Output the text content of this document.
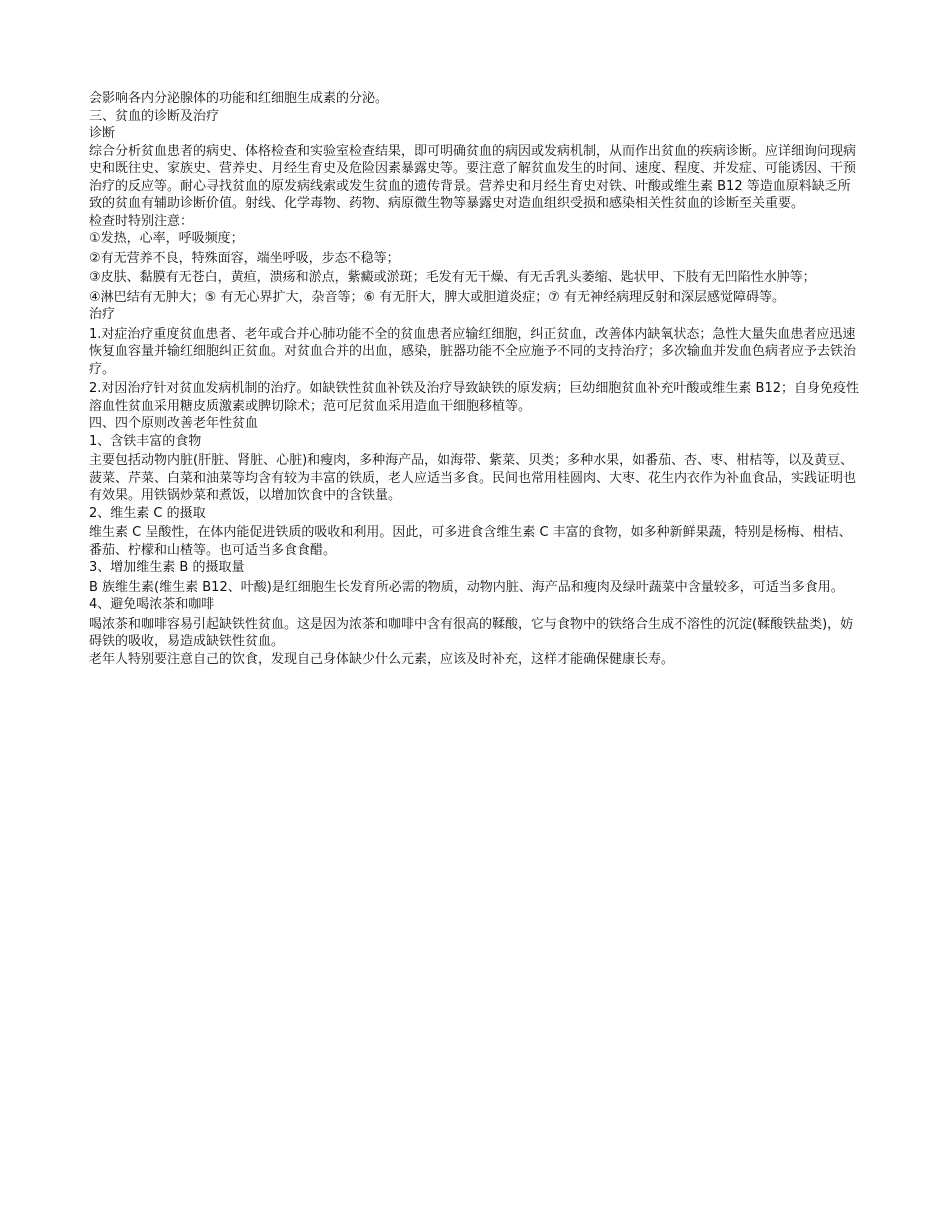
会影响各内分泌腺体的功能和红细胞生成素的分泌。

三、贫血的诊断及治疗

诊断

综合分析贫血患者的病史、体格检查和实验室检查结果，即可明确贫血的病因或发病机制，从而作出贫血的疾病诊断。应详细询问现病史和既往史、家族史、营养史、月经生育史及危险因素暴露史等。要注意了解贫血发生的时间、速度、程度、并发症、可能诱因、干预治疗的反应等。耐心寻找贫血的原发病线索或发生贫血的遗传背景。营养史和月经生育史对铁、叶酸或维生素 B12 等造血原料缺乏所致的贫血有辅助诊断价值。射线、化学毒物、药物、病原微生物等暴露史对造血组织受损和感染相关性贫血的诊断至关重要。

检查时特别注意：

①发热，心率，呼吸频度；

②有无营养不良，特殊面容，端坐呼吸，步态不稳等；

③皮肤、黏膜有无苍白，黄疸，溃疡和淤点，紫癜或淤斑；毛发有无干燥、有无舌乳头萎缩、匙状甲、下肢有无凹陷性水肿等；

④淋巴结有无肿大；⑤ 有无心界扩大，杂音等；⑥ 有无肝大，脾大或胆道炎症；⑦ 有无神经病理反射和深层感觉障碍等。

治疗

1.对症治疗重度贫血患者、老年或合并心肺功能不全的贫血患者应输红细胞，纠正贫血，改善体内缺氧状态；急性大量失血患者应迅速恢复血容量并输红细胞纠正贫血。对贫血合并的出血，感染，脏器功能不全应施予不同的支持治疗；多次输血并发血色病者应予去铁治疗。

2.对因治疗针对贫血发病机制的治疗。如缺铁性贫血补铁及治疗导致缺铁的原发病；巨幼细胞贫血补充叶酸或维生素 B12；自身免疫性溶血性贫血采用糖皮质激素或脾切除术；范可尼贫血采用造血干细胞移植等。

四、四个原则改善老年性贫血

1、含铁丰富的食物

主要包括动物内脏(肝脏、肾脏、心脏)和瘦肉，多种海产品，如海带、紫菜、贝类；多种水果，如番茄、杏、枣、柑桔等，以及黄豆、菠菜、芹菜、白菜和油菜等均含有较为丰富的铁质，老人应适当多食。民间也常用桂圆肉、大枣、花生内衣作为补血食品，实践证明也有效果。用铁锅炒菜和煮饭，以增加饮食中的含铁量。

2、维生素 C 的摄取

维生素 C 呈酸性，在体内能促进铁质的吸收和利用。因此，可多进食含维生素 C 丰富的食物，如多种新鲜果蔬，特别是杨梅、柑桔、番茄、柠檬和山楂等。也可适当多食食醋。

3、增加维生素 B 的摄取量

B 族维生素(维生素 B12、叶酸)是红细胞生长发育所必需的物质，动物内脏、海产品和瘦肉及绿叶蔬菜中含量较多，可适当多食用。

4、避免喝浓茶和咖啡

喝浓茶和咖啡容易引起缺铁性贫血。这是因为浓茶和咖啡中含有很高的鞣酸，它与食物中的铁络合生成不溶性的沉淀(鞣酸铁盐类)，妨碍铁的吸收，易造成缺铁性贫血。

老年人特别要注意自己的饮食，发现自己身体缺少什么元素，应该及时补充，这样才能确保健康长寿。
